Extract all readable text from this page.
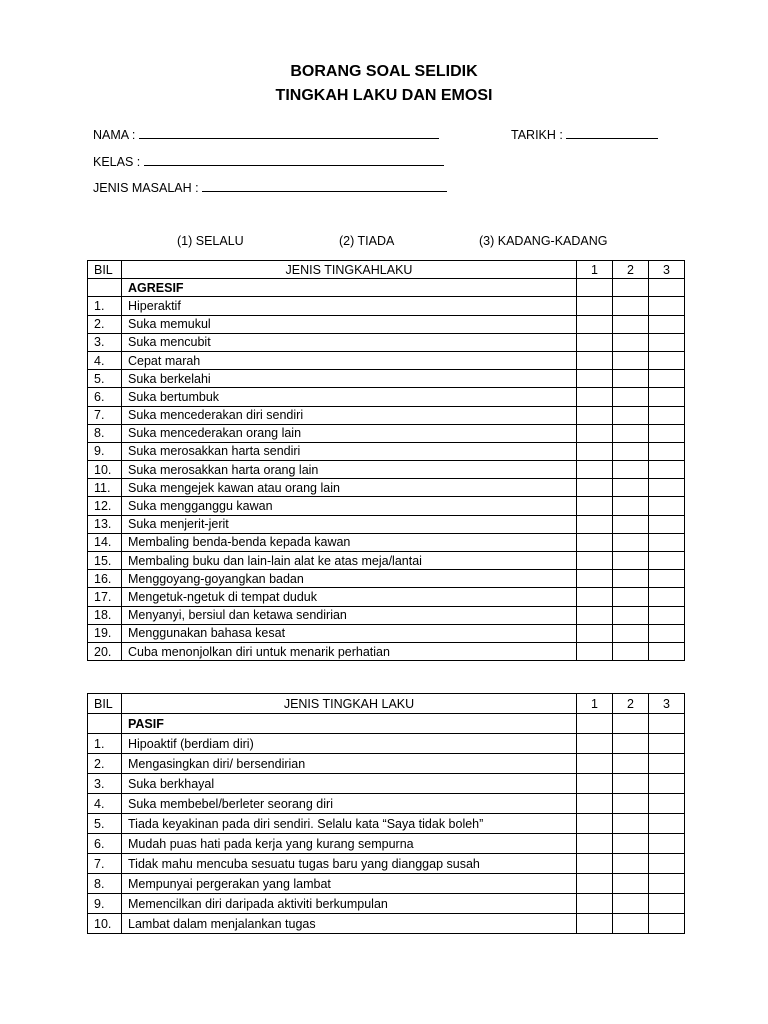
BORANG SOAL SELIDIK
TINGKAH LAKU DAN EMOSI
NAMA :	TARIKH :
KELAS :
JENIS MASALAH :
(1) SELALU	(2) TIADA	(3) KADANG-KADANG
BIL	JENIS TINGKAHLAKU	1	2	3
	AGRESIF			
1.	Hiperaktif			
2.	Suka memukul			
3.	Suka mencubit			
4.	Cepat marah			
5.	Suka berkelahi			
6.	Suka bertumbuk			
7.	Suka mencederakan diri sendiri			
8.	Suka mencederakan orang lain			
9.	Suka merosakkan harta sendiri			
10.	Suka merosakkan harta orang lain			
11.	Suka mengejek kawan atau orang lain			
12.	Suka mengganggu kawan			
13.	Suka menjerit-jerit			
14.	Membaling benda-benda kepada kawan			
15.	Membaling buku dan lain-lain alat ke atas meja/lantai			
16.	Menggoyang-goyangkan badan			
17.	Mengetuk-ngetuk di tempat duduk			
18.	Menyanyi, bersiul dan ketawa sendirian			
19.	Menggunakan bahasa kesat			
20.	Cuba menonjolkan diri untuk menarik perhatian			
BIL	JENIS TINGKAH LAKU	1	2	3
	PASIF			
1.	Hipoaktif (berdiam diri)			
2.	Mengasingkan diri/ bersendirian			
3.	Suka berkhayal			
4.	Suka membebel/berleter seorang diri			
5.	Tiada keyakinan pada diri sendiri. Selalu kata “Saya tidak boleh”			
6.	Mudah puas hati pada kerja yang kurang sempurna			
7.	Tidak mahu mencuba sesuatu tugas baru yang dianggap susah			
8.	Mempunyai pergerakan yang lambat			
9.	Memencilkan diri daripada aktiviti berkumpulan			
10.	Lambat dalam menjalankan tugas			
